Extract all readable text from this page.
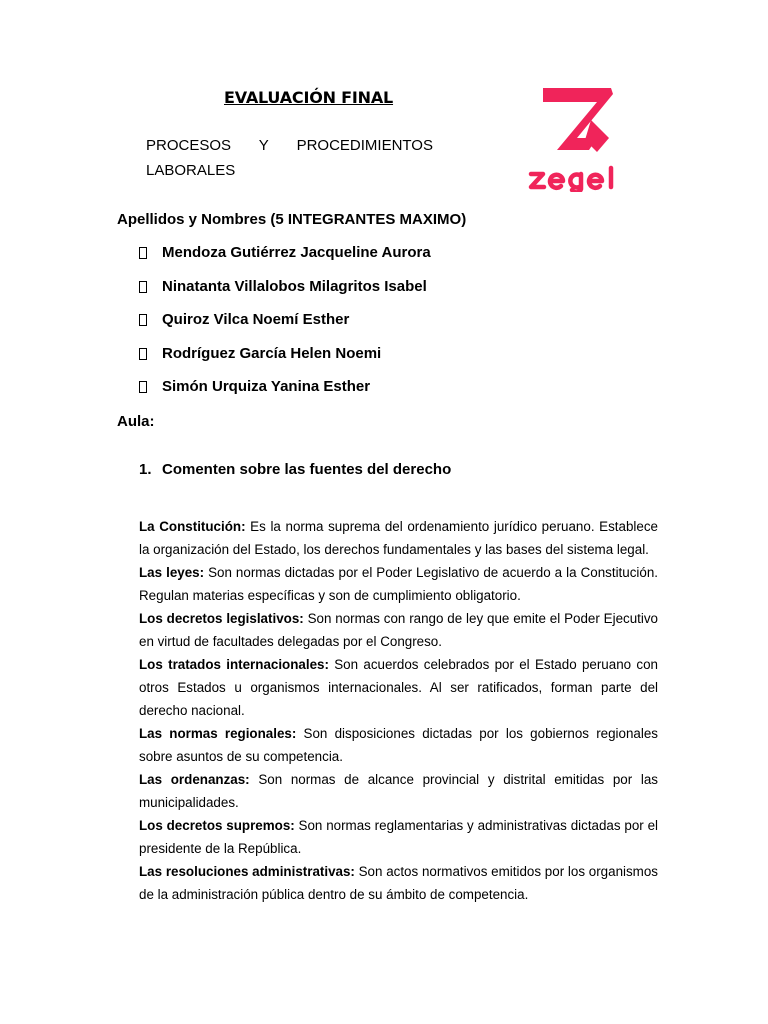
EVALUACIÓN FINAL
PROCESOS Y PROCEDIMIENTOS
LABORALES
Apellidos y Nombres (5 INTEGRANTES MAXIMO)
Mendoza Gutiérrez Jacqueline Aurora
Ninatanta Villalobos Milagritos Isabel
Quiroz Vilca Noemí Esther
Rodríguez García Helen Noemi
Simón Urquiza Yanina Esther
Aula:
1. Comenten sobre las fuentes del derecho

La Constitución: Es la norma suprema del ordenamiento jurídico peruano. Establece la organización del Estado, los derechos fundamentales y las bases del sistema legal.

Las leyes: Son normas dictadas por el Poder Legislativo de acuerdo a la Constitución. Regulan materias específicas y son de cumplimiento obligatorio.

Los decretos legislativos: Son normas con rango de ley que emite el Poder Ejecutivo en virtud de facultades delegadas por el Congreso.

Los tratados internacionales: Son acuerdos celebrados por el Estado peruano con otros Estados u organismos internacionales. Al ser ratificados, forman parte del derecho nacional.

Las normas regionales: Son disposiciones dictadas por los gobiernos regionales sobre asuntos de su competencia.

Las ordenanzas: Son normas de alcance provincial y distrital emitidas por las municipalidades.

Los decretos supremos: Son normas reglamentarias y administrativas dictadas por el presidente de la República.

Las resoluciones administrativas: Son actos normativos emitidos por los organismos de la administración pública dentro de su ámbito de competencia.
